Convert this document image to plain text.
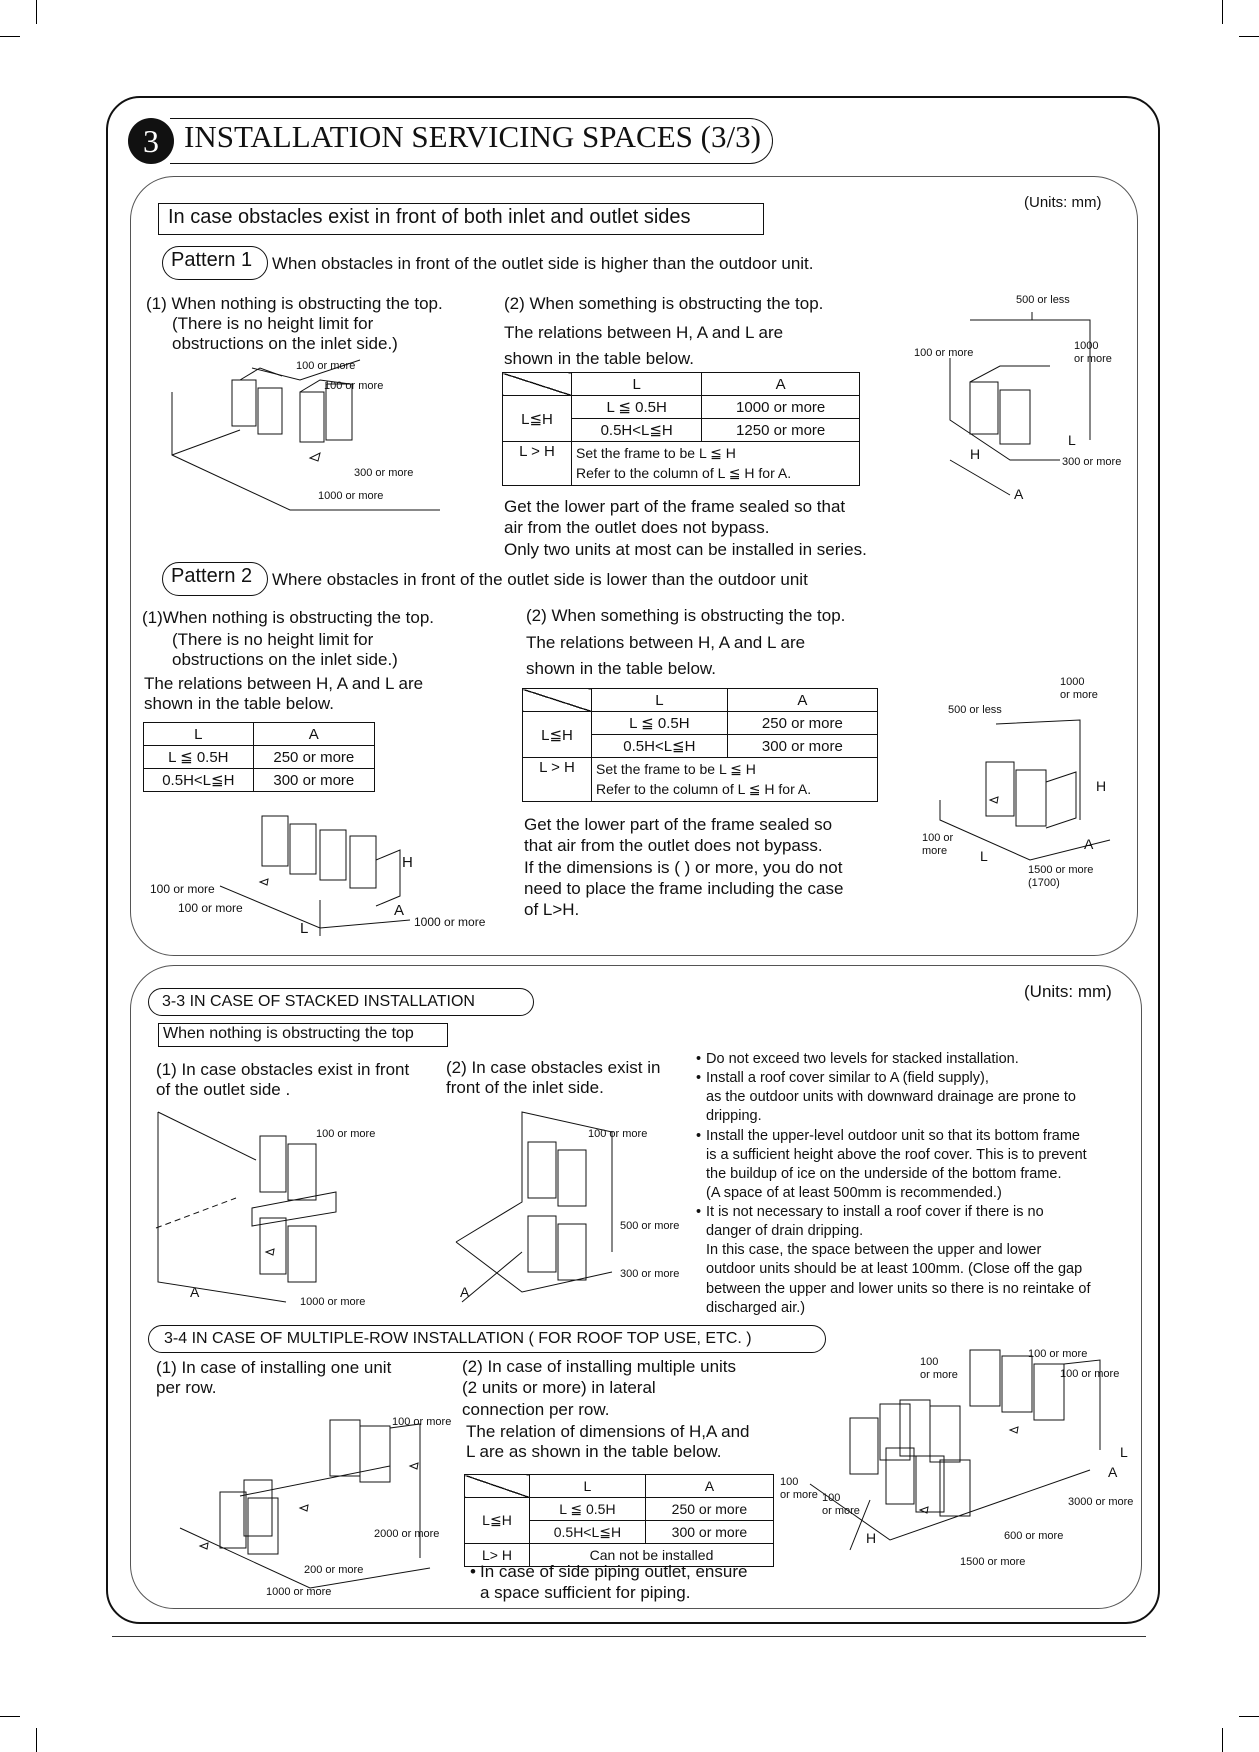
3 INSTALLATION SERVICING SPACES (3/3)
(Units: mm)
In case obstacles exist in front of both inlet and outlet sides
Pattern 1 When obstacles in front of the outlet side is higher than the outdoor unit.
(1) When nothing is obstructing the top.
(There is no height limit for
obstructions on the inlet side.)
(2) When something is obstructing the top.
The relations between H, A and L are
shown in the table below.
	L	A
L≦H	L ≦ 0.5H	1000 or more
	0.5H<L≦H	1250 or more
L > H	Set the frame to be L ≦ H
Refer to the column of L ≦ H for A.	
Get the lower part of the frame sealed so that
air from the outlet does not bypass.
Only two units at most can be installed in series.
100 or more
100 or more
300 or more
1000 or more
500 or less
1000
or more
100 or more
300 or more
H
L
A
Pattern 2 Where obstacles in front of the outlet side is lower than the outdoor unit
(1)When nothing is obstructing the top.
(There is no height limit for
obstructions on the inlet side.)
The relations between H, A and L are
shown in the table below.
L	A
L ≦ 0.5H	250 or more
0.5H<L≦H	300 or more
(2) When something is obstructing the top.
The relations between H, A and L are
shown in the table below.
	L	A
L≦H	L ≦ 0.5H	250 or more
	0.5H<L≦H	300 or more
L > H	Set the frame to be L ≦ H
Refer to the column of L ≦ H for A.	
Get the lower part of the frame sealed so
that air from the outlet does not bypass.
If the dimensions is ( ) or more, you do not
need to place the frame including the case
of L>H.
100 or more
100 or more
1000 or more
H
A
L
1000
or more
500 or less
100 or
more
1500 or more
(1700)
H
A
L
(Units: mm)
3-3 IN CASE OF STACKED INSTALLATION
When nothing is obstructing the top
(1) In case obstacles exist in front
of the outlet side .
(2) In case obstacles exist in
front of the inlet side.
100 or more
1000 or more
A
100 or more
500 or more
300 or more
A
• Do not exceed two levels for stacked installation.
• Install a roof cover similar to A (field supply),
as the outdoor units with downward drainage are prone to
dripping.
• Install the upper-level outdoor unit so that its bottom frame
is a sufficient height above the roof cover. This is to prevent
the buildup of ice on the underside of the bottom frame.
(A space of at least 500mm is recommended.)
• It is not necessary to install a roof cover if there is no
danger of drain dripping.
In this case, the space between the upper and lower
outdoor units should be at least 100mm. (Close off the gap
between the upper and lower units so there is no reintake of
discharged air.)
3-4 IN CASE OF MULTIPLE-ROW INSTALLATION ( FOR ROOF TOP USE, ETC. )
(1) In case of installing one unit
per row.
(2) In case of installing multiple units
(2 units or more) in lateral
connection per row.
The relation of dimensions of H,A and
L are as shown in the table below.
	L	A
L≦H	L ≦ 0.5H	250 or more
	0.5H<L≦H	300 or more
L> H	Can not be installed	
• In case of side piping outlet, ensure
a space sufficient for piping.
100 or more
2000 or more
200 or more
1000 or more
100
or more
100 or more
100 or more
3000 or more
100
or more 100
or more
600 or more
1500 or more
H
L
A
